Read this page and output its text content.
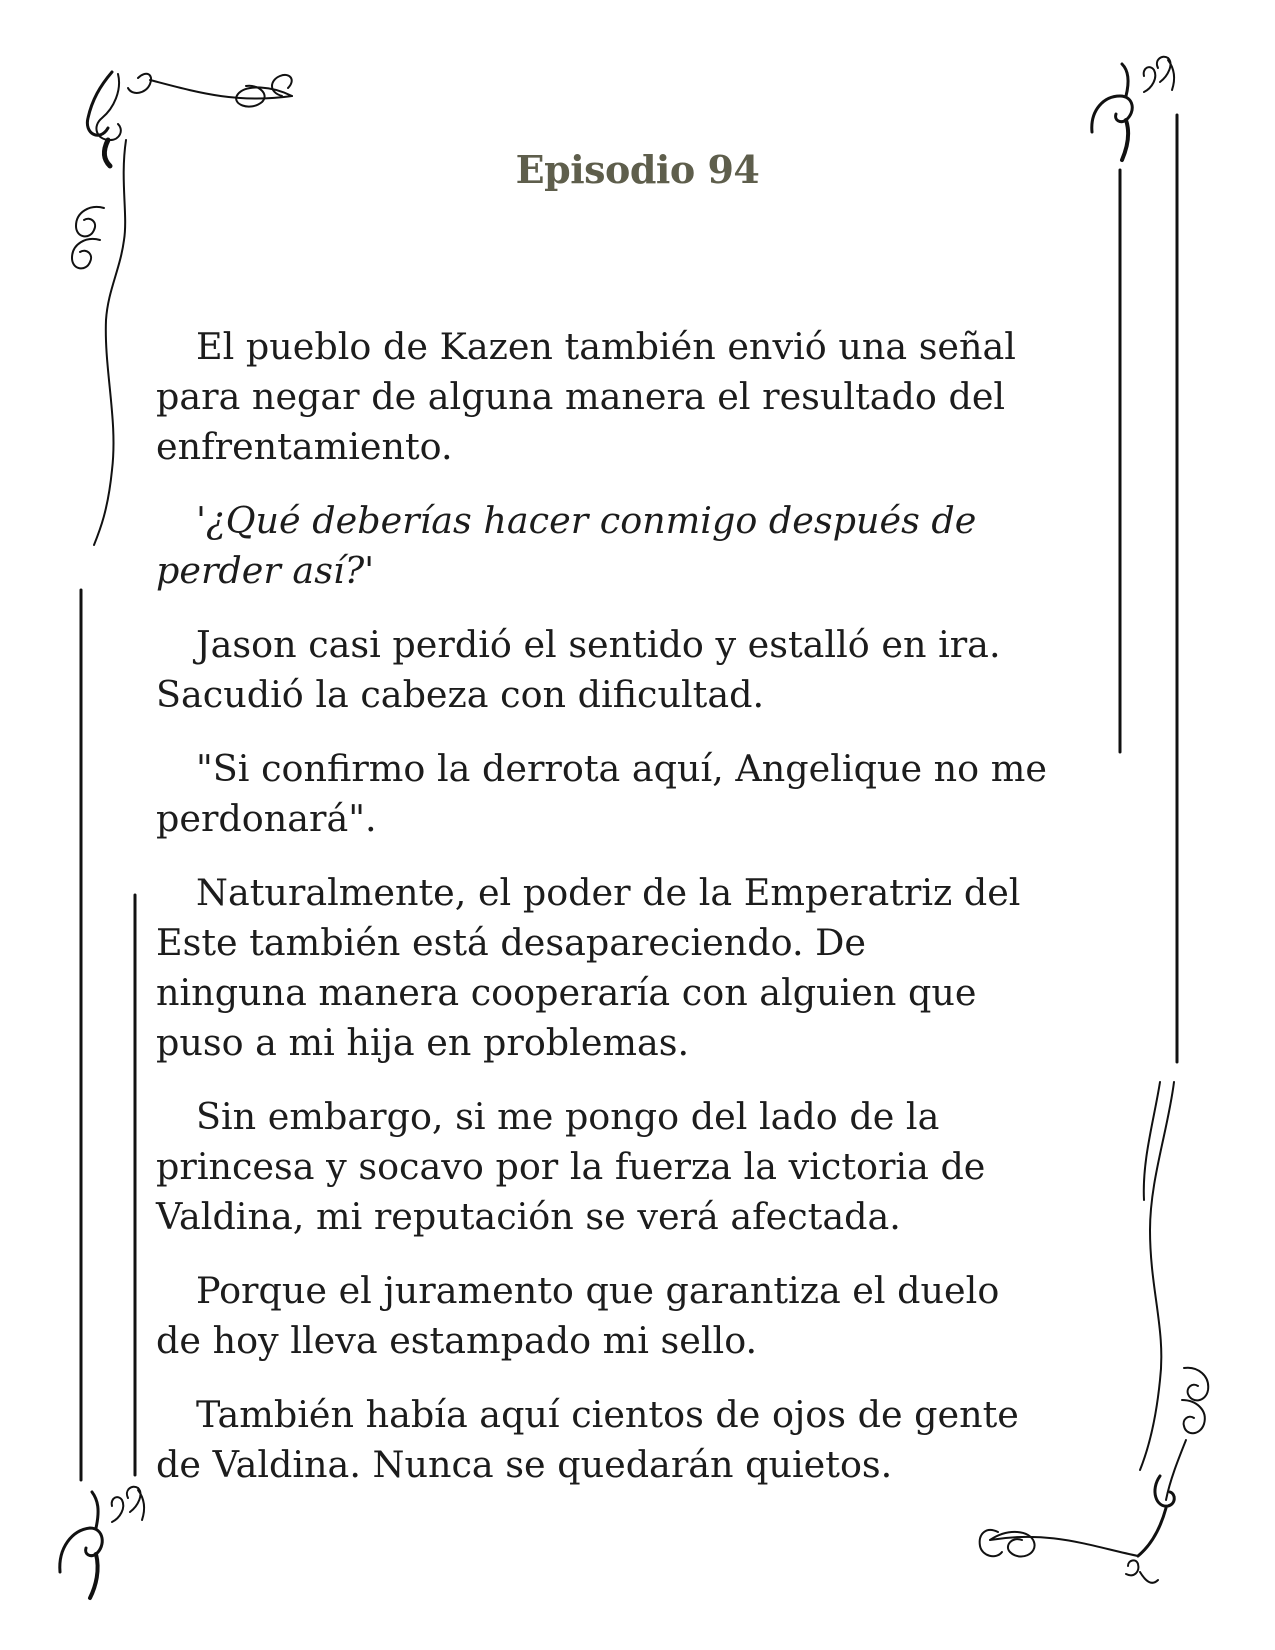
Episodio 94

El pueblo de Kazen también envió una señal
para negar de alguna manera el resultado del
enfrentamiento.

'¿Qué deberías hacer conmigo después de
perder así?'

Jason casi perdió el sentido y estalló en ira.
Sacudió la cabeza con dificultad.

"Si confirmo la derrota aquí, Angelique no me
perdonará".

Naturalmente, el poder de la Emperatriz del
Este también está desapareciendo. De
ninguna manera cooperaría con alguien que
puso a mi hija en problemas.

Sin embargo, si me pongo del lado de la
princesa y socavo por la fuerza la victoria de
Valdina, mi reputación se verá afectada.

Porque el juramento que garantiza el duelo
de hoy lleva estampado mi sello.

También había aquí cientos de ojos de gente
de Valdina. Nunca se quedarán quietos.
